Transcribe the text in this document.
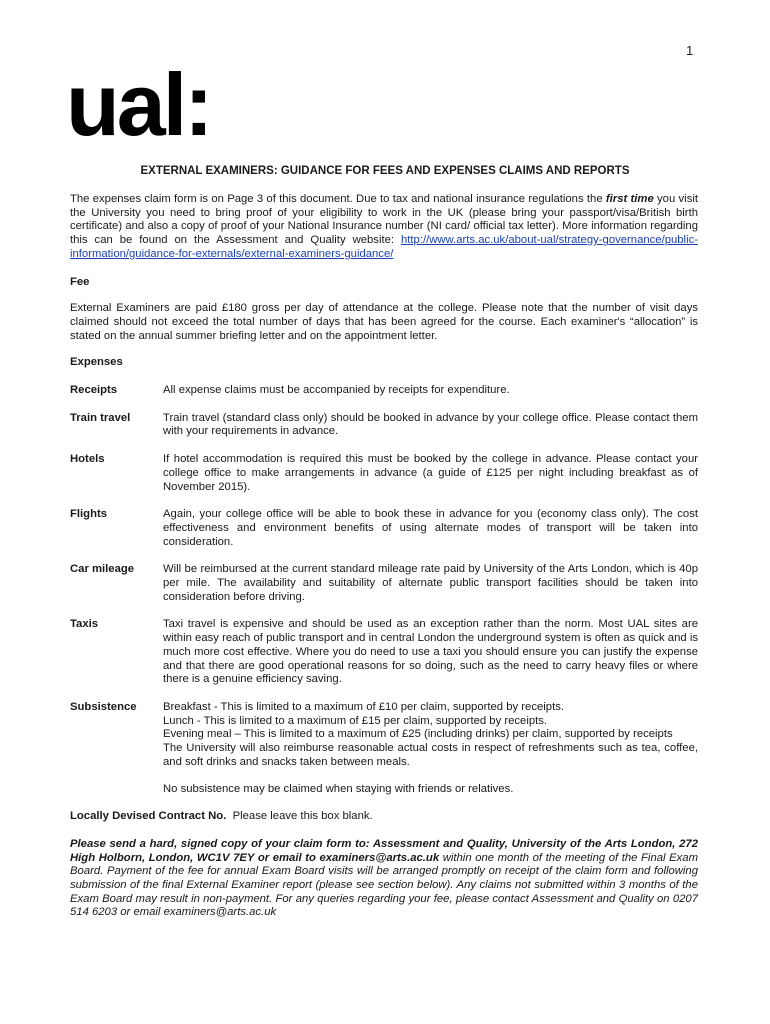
1
ual:
EXTERNAL EXAMINERS: GUIDANCE FOR FEES AND EXPENSES CLAIMS AND REPORTS

The expenses claim form is on Page 3 of this document. Due to tax and national insurance regulations the first time you visit the University you need to bring proof of your eligibility to work in the UK (please bring your passport/visa/British birth certificate) and also a copy of proof of your National Insurance number (NI card/ official tax letter). More information regarding this can be found on the Assessment and Quality website: http://www.arts.ac.uk/about-ual/strategy-governance/public-information/guidance-for-externals/external-examiners-guidance/

Fee

External Examiners are paid £180 gross per day of attendance at the college. Please note that the number of visit days claimed should not exceed the total number of days that has been agreed for the course. Each examiner's “allocation” is stated on the annual summer briefing letter and on the appointment letter.

Expenses

Receipts	All expense claims must be accompanied by receipts for expenditure.
Train travel	Train travel (standard class only) should be booked in advance by your college office. Please contact them with your requirements in advance.
Hotels	If hotel accommodation is required this must be booked by the college in advance. Please contact your college office to make arrangements in advance (a guide of £125 per night including breakfast as of November 2015).
Flights	Again, your college office will be able to book these in advance for you (economy class only). The cost effectiveness and environment benefits of using alternate modes of transport will be taken into consideration.
Car mileage	Will be reimbursed at the current standard mileage rate paid by University of the Arts London, which is 40p per mile. The availability and suitability of alternate public transport facilities should be taken into consideration before driving.
Taxis	Taxi travel is expensive and should be used as an exception rather than the norm. Most UAL sites are within easy reach of public transport and in central London the underground system is often as quick and is much more cost effective. Where you do need to use a taxi you should ensure you can justify the expense and that there are good operational reasons for so doing, such as the need to carry heavy files or where there is a genuine efficiency saving.
Subsistence	Breakfast - This is limited to a maximum of £10 per claim, supported by receipts.

Lunch - This is limited to a maximum of £15 per claim, supported by receipts.

Evening meal – This is limited to a maximum of £25 (including drinks) per claim, supported by receipts

The University will also reimburse reasonable actual costs in respect of refreshments such as tea, coffee, and soft drinks and snacks taken between meals.

No subsistence may be claimed when staying with friends or relatives.

Locally Devised Contract No.  Please leave this box blank.

Please send a hard, signed copy of your claim form to: Assessment and Quality, University of the Arts London, 272 High Holborn, London, WC1V 7EY or email to examiners@arts.ac.uk within one month of the meeting of the Final Exam Board. Payment of the fee for annual Exam Board visits will be arranged promptly on receipt of the claim form and following submission of the final External Examiner report (please see section below). Any claims not submitted within 3 months of the Exam Board may result in non-payment. For any queries regarding your fee, please contact Assessment and Quality on 0207 514 6203 or email examiners@arts.ac.uk
